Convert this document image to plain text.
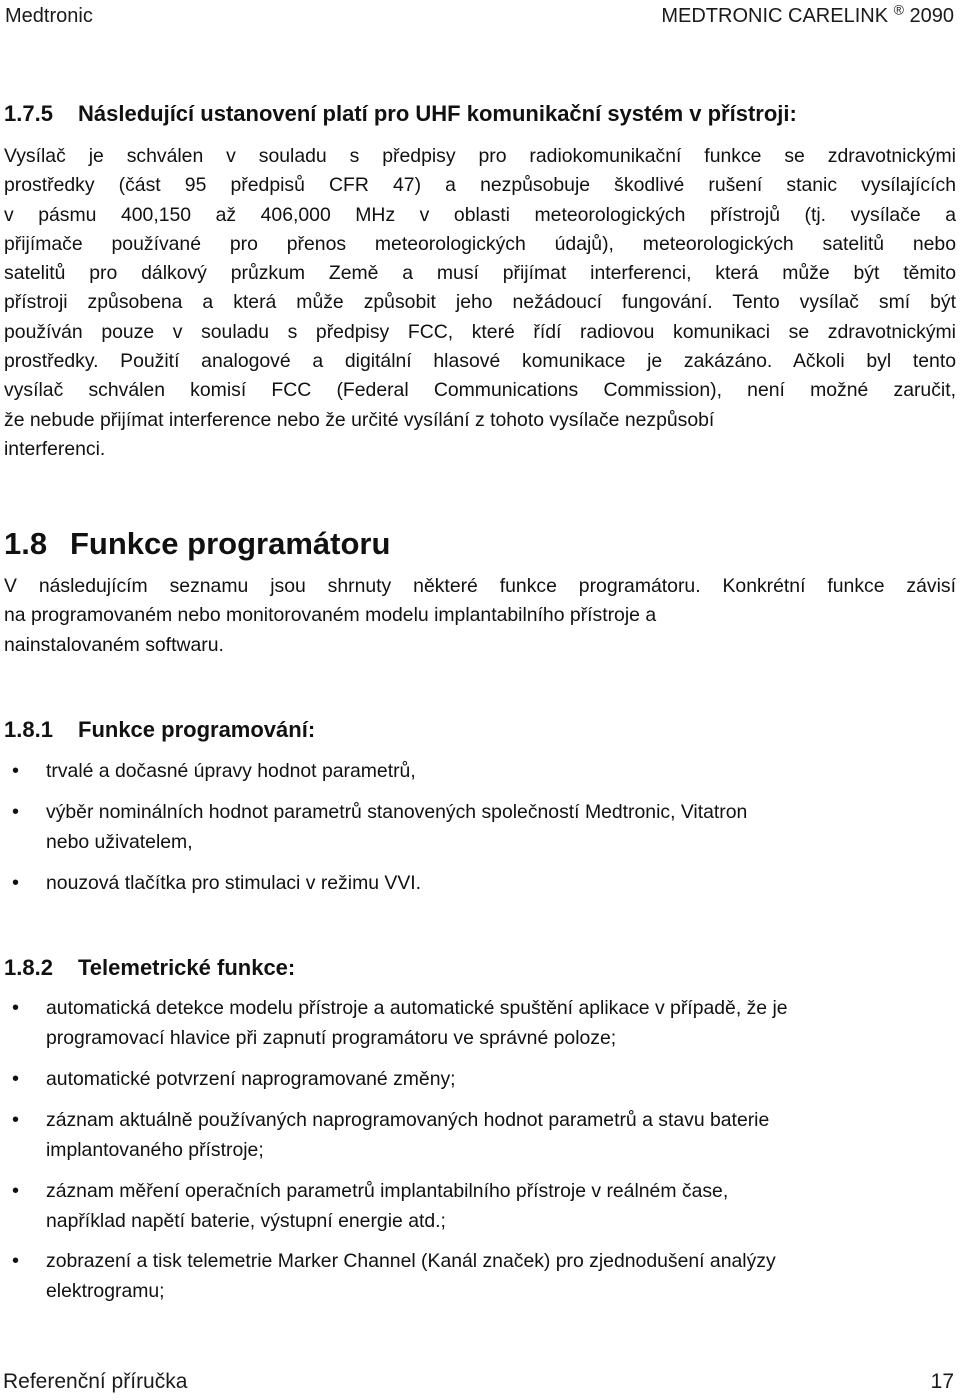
Medtronic	MEDTRONIC CARELINK ® 2090
1.7.5 Následující ustanovení platí pro UHF komunikační systém v přístroji:
Vysílač je schválen v souladu s předpisy pro radiokomunikační funkce se zdravotnickými
prostředky (část 95 předpisů CFR 47) a nezpůsobuje škodlivé rušení stanic vysílajících
v pásmu 400,150 až 406,000 MHz v oblasti meteorologických přístrojů (tj. vysílače a
přijímače používané pro přenos meteorologických údajů), meteorologických satelitů nebo
satelitů pro dálkový průzkum Země a musí přijímat interferenci, která může být těmito
přístroji způsobena a která může způsobit jeho nežádoucí fungování. Tento vysílač smí být
používán pouze v souladu s předpisy FCC, které řídí radiovou komunikaci se zdravotnickými
prostředky. Použití analogové a digitální hlasové komunikace je zakázáno. Ačkoli byl tento
vysílač schválen komisí FCC (Federal Communications Commission), není možné zaručit,
že nebude přijímat interference nebo že určité vysílání z tohoto vysílače nezpůsobí
interferenci.
1.8 Funkce programátoru
V následujícím seznamu jsou shrnuty některé funkce programátoru. Konkrétní funkce závisí
na programovaném nebo monitorovaném modelu implantabilního přístroje a
nainstalovaném softwaru.
1.8.1 Funkce programování:
•	trvalé a dočasné úpravy hodnot parametrů,
•	výběr nominálních hodnot parametrů stanovených společností Medtronic, Vitatron
nebo uživatelem,
•	nouzová tlačítka pro stimulaci v režimu VVI.
1.8.2 Telemetrické funkce:
•	automatická detekce modelu přístroje a automatické spuštění aplikace v případě, že je
programovací hlavice při zapnutí programátoru ve správné poloze;
•	automatické potvrzení naprogramované změny;
•	záznam aktuálně používaných naprogramovaných hodnot parametrů a stavu baterie
implantovaného přístroje;
•	záznam měření operačních parametrů implantabilního přístroje v reálném čase,
například napětí baterie, výstupní energie atd.;
•	zobrazení a tisk telemetrie Marker Channel (Kanál značek) pro zjednodušení analýzy
elektrogramu;
Referenční příručka	17
